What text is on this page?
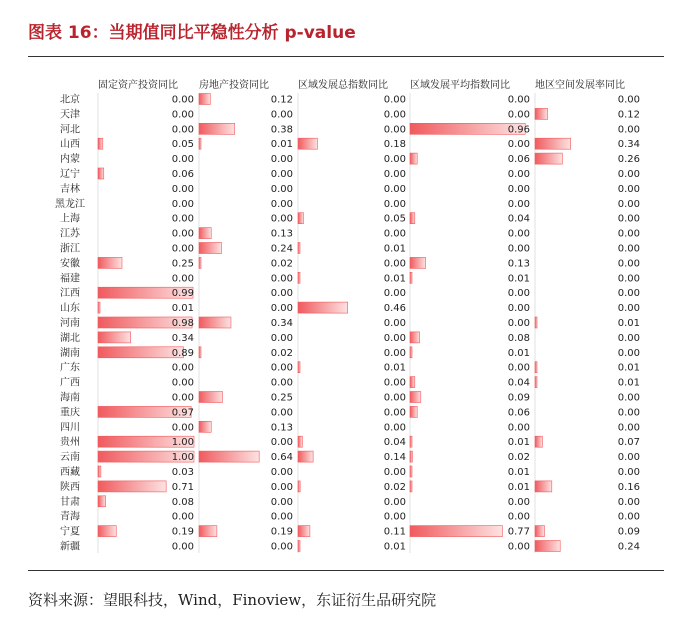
图表 16：当期值同比平稳性分析 p-value
固定资产投资同比 房地产投资同比	区域发展总指数同比 区域发展平均指数同比	地区空间发展率同比
北京
天津
河北
山西
内蒙
辽宁
吉林
黑龙江
上海
江苏
浙江
安徽
福建
江西
山东
河南
湖北
湖南
广东
广西
海南
重庆
四川
贵州
云南
西藏
陕西
甘肃
青海
宁夏
新疆
0.00
0.00
0.00
0.05
0.00
0.06
0.00
0.00
0.00
0.00
0.00
0.25
0.00
0.99
0.01
0.98
0.34
0.89
0.00
0.00
0.00
0.97
0.00
1.00
1.00
0.03
0.71
0.08
0.00
0.19
0.00
0.12
0.00
0.38
0.01
0.00
0.00
0.00
0.00
0.00
0.13
0.24
0.02
0.00
0.00
0.00
0.34
0.00
0.02
0.00
0.00
0.25
0.00
0.13
0.00
0.64
0.00
0.00
0.00
0.00
0.19
0.00
0.00
0.00
0.00
0.18
0.00
0.00
0.00
0.00
0.05
0.00
0.01
0.00
0.01
0.00
0.46
0.00
0.00
0.00
0.01
0.00
0.00
0.00
0.00
0.04
0.14
0.00
0.02
0.00
0.00
0.11
0.01
0.00
0.00
0.96
0.00
0.06
0.00
0.00
0.00
0.04
0.00
0.00
0.13
0.01
0.00
0.00
0.00
0.08
0.01
0.00
0.04
0.09
0.06
0.00
0.01
0.02
0.01
0.01
0.00
0.00
0.77
0.00
0.00
0.12
0.00
0.34
0.26
0.00
0.00
0.00
0.00
0.00
0.00
0.00
0.00
0.00
0.00
0.01
0.00
0.00
0.01
0.01
0.00
0.00
0.00
0.07
0.00
0.00
0.16
0.00
0.00
0.09
0.24
资料来源：望眼科技，Wind，Finoview，东证衍生品研究院
